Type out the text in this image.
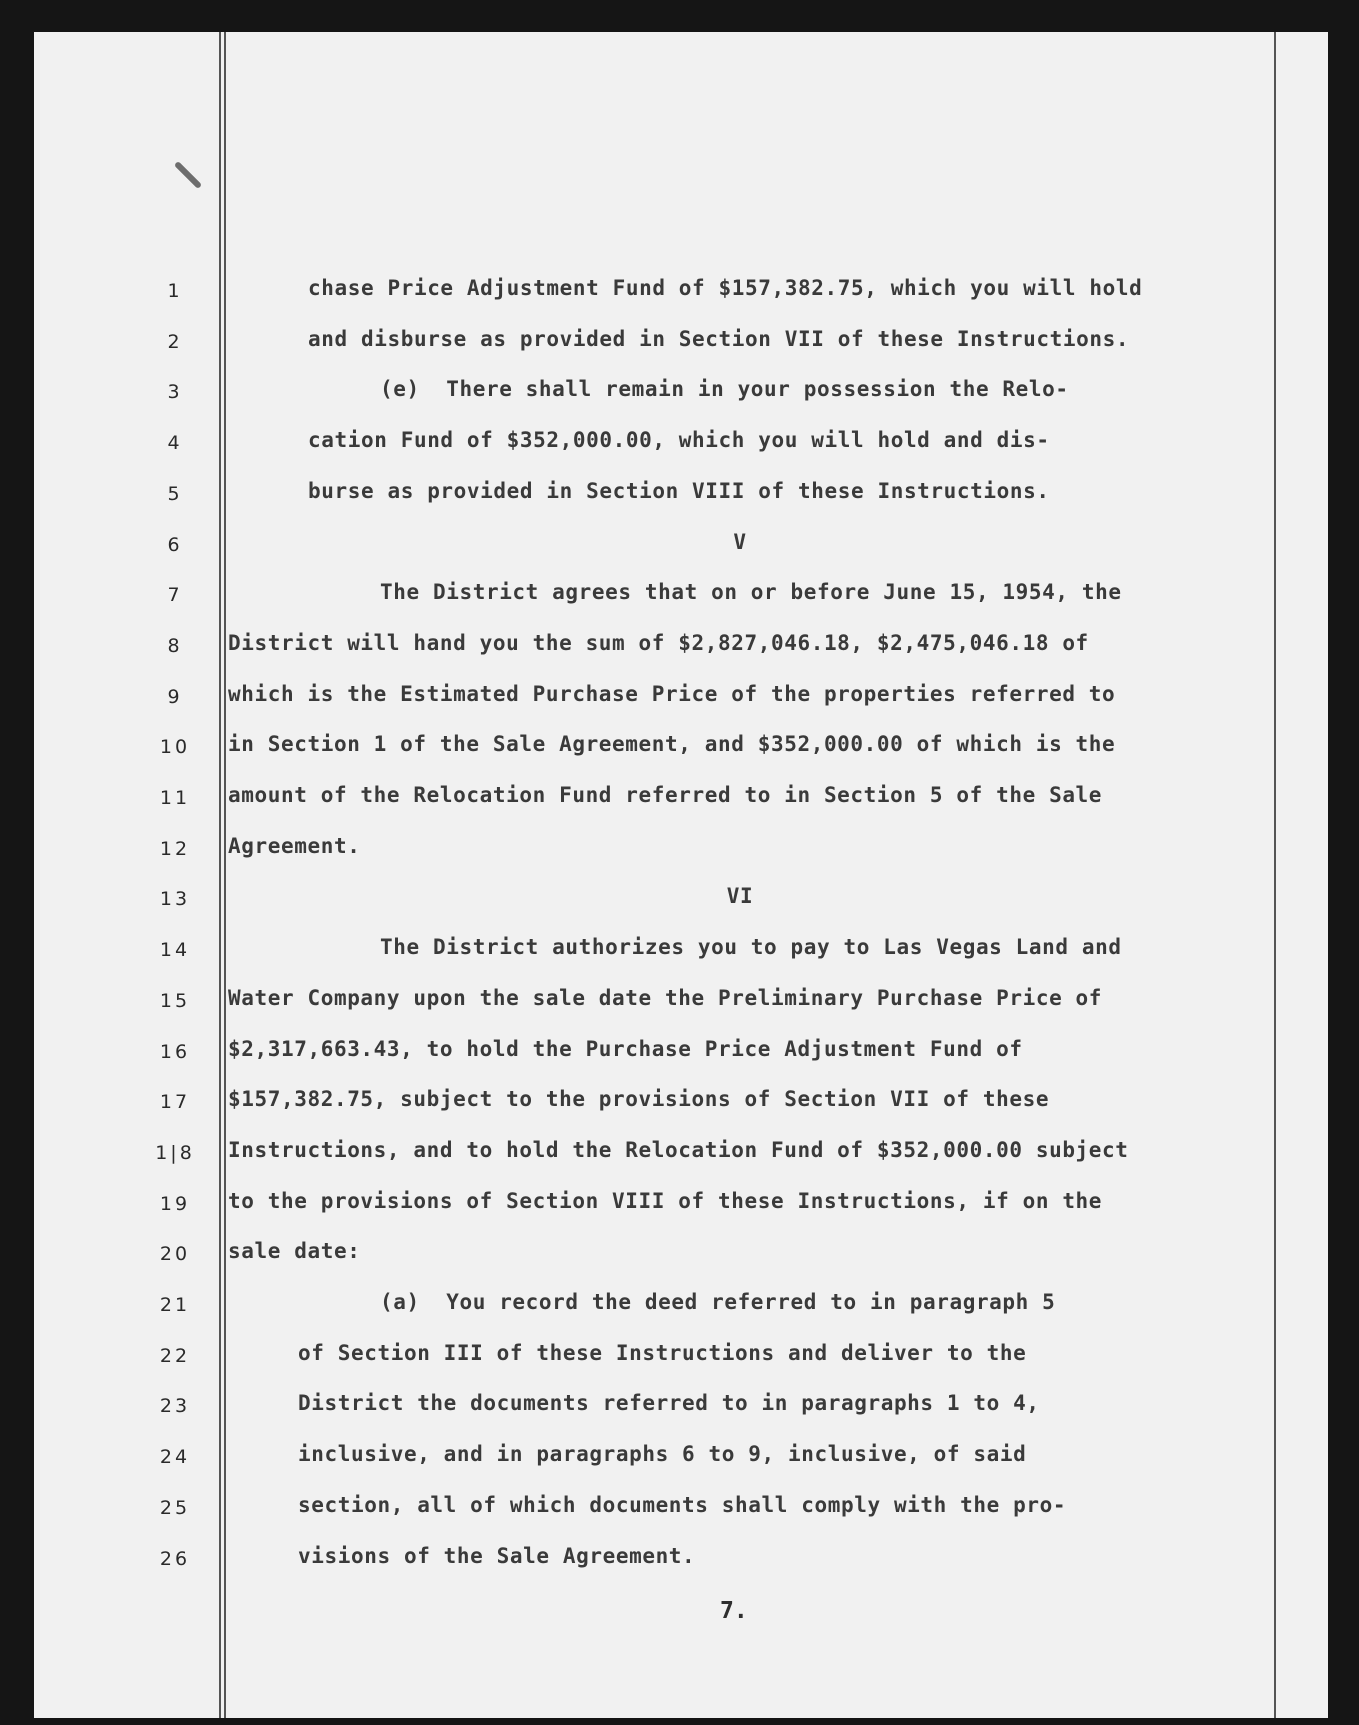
1
2
3
4
5
6
7
8
9
10
11
12
13
14
15
16
17
1|8
19
20
21
22
23
24
25
26
chase Price Adjustment Fund of $157,382.75, which you will hold
and disburse as provided in Section VII of these Instructions.
(e)  There shall remain in your possession the Relo-
cation Fund of $352,000.00, which you will hold and dis-
burse as provided in Section VIII of these Instructions.
V
The District agrees that on or before June 15, 1954, the
District will hand you the sum of $2,827,046.18, $2,475,046.18 of
which is the Estimated Purchase Price of the properties referred to
in Section 1 of the Sale Agreement, and $352,000.00 of which is the
amount of the Relocation Fund referred to in Section 5 of the Sale
Agreement.
VI
The District authorizes you to pay to Las Vegas Land and
Water Company upon the sale date the Preliminary Purchase Price of
$2,317,663.43, to hold the Purchase Price Adjustment Fund of
$157,382.75, subject to the provisions of Section VII of these
Instructions, and to hold the Relocation Fund of $352,000.00 subject
to the provisions of Section VIII of these Instructions, if on the
sale date:
(a)  You record the deed referred to in paragraph 5
of Section III of these Instructions and deliver to the
District the documents referred to in paragraphs 1 to 4,
inclusive, and in paragraphs 6 to 9, inclusive, of said
section, all of which documents shall comply with the pro-
visions of the Sale Agreement.
7.
